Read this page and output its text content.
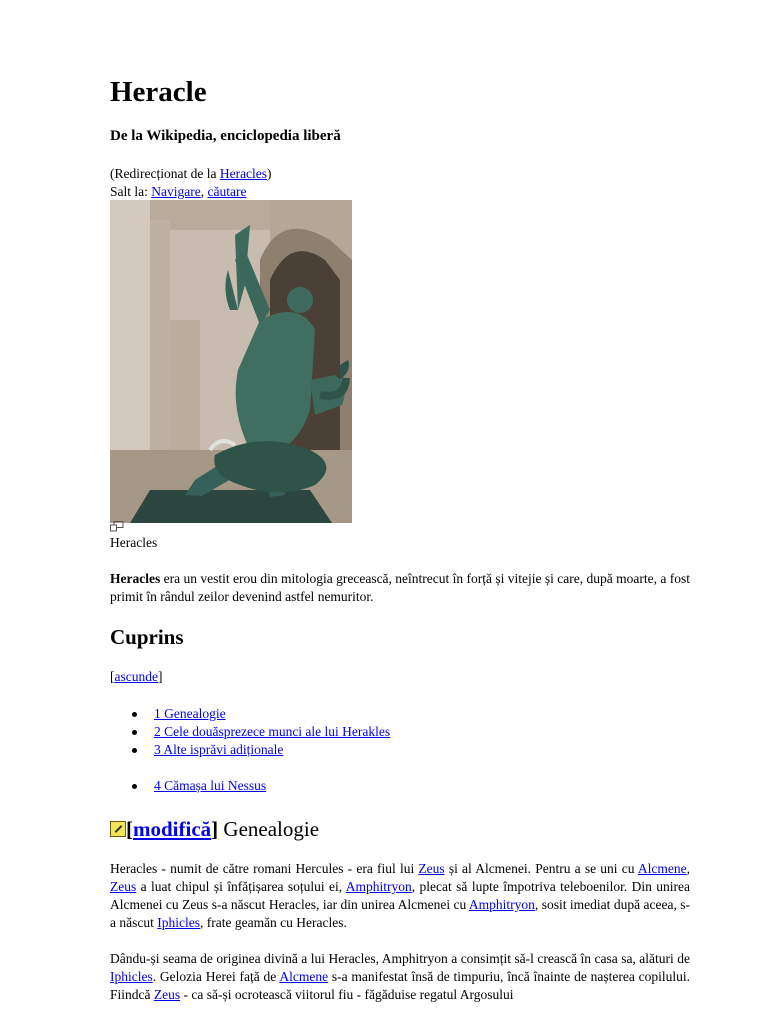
Heracle
De la Wikipedia, enciclopedia liberă
(Redirecționat de la Heracles)
Salt la: Navigare, căutare
Heracles
Heracles era un vestit erou din mitologia grecească, neîntrecut în forță și vitejie și care, după moarte, a fost primit în rândul zeilor devenind astfel nemuritor.
Cuprins
[ascunde]
1 Genealogie
2 Cele douăsprezece munci ale lui Herakles
3 Alte isprăvi adiționale
4 Cămașa lui Nessus
[modifică] Genealogie
Heracles - numit de către romani Hercules - era fiul lui Zeus și al Alcmenei. Pentru a se uni cu Alcmene, Zeus a luat chipul și înfățișarea soțului ei, Amphitryon, plecat să lupte împotriva teleboenilor. Din unirea Alcmenei cu Zeus s-a născut Heracles, iar din unirea Alcmenei cu Amphitryon, sosit imediat după aceea, s-a născut Iphicles, frate geamăn cu Heracles.
Dându-și seama de originea divină a lui Heracles, Amphitryon a consimțit să-l crească în casa sa, alături de Iphicles. Gelozia Herei față de Alcmene s-a manifestat însă de timpuriu, încă înainte de nașterea copilului. Fiindcă Zeus - ca să-și ocrotească viitorul fiu - făgăduise regatul Argosului
